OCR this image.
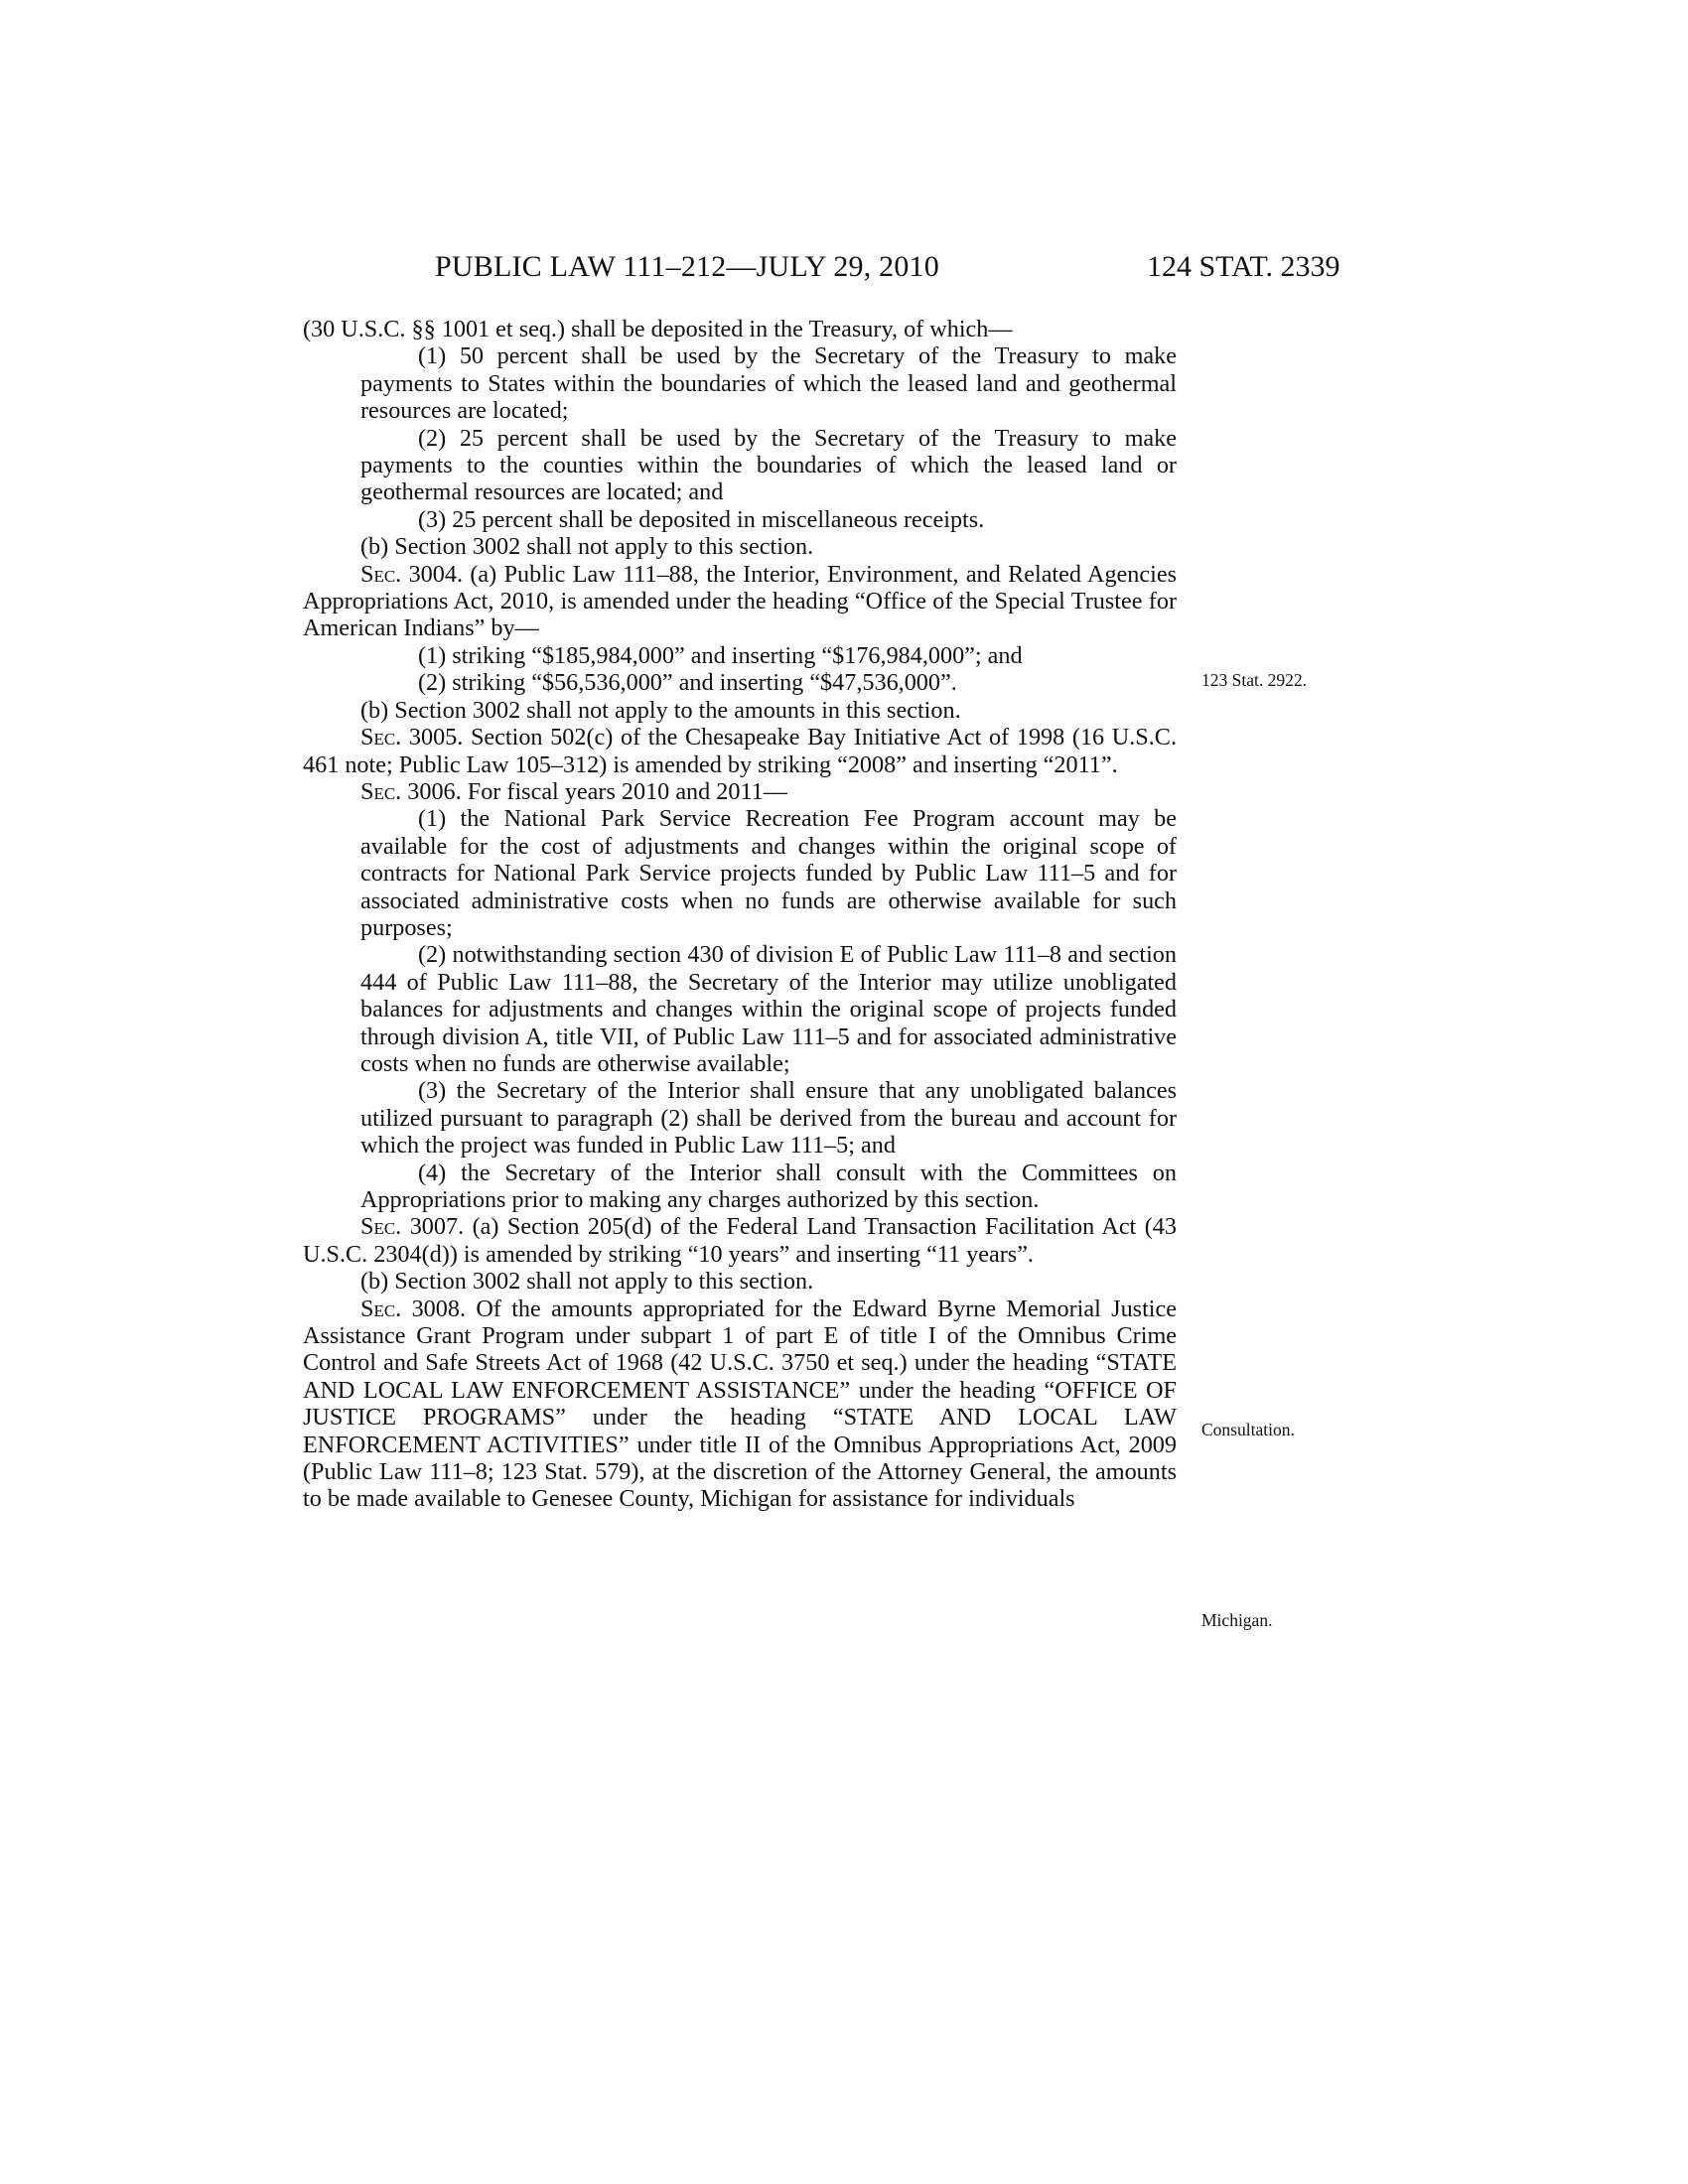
PUBLIC LAW 111–212—JULY 29, 2010	124 STAT. 2339
123 Stat. 2922.
Consultation.
Michigan.

(30 U.S.C. §§ 1001 et seq.) shall be deposited in the Treasury, of which—

(1) 50 percent shall be used by the Secretary of the Treasury to make payments to States within the boundaries of which the leased land and geothermal resources are located;

(2) 25 percent shall be used by the Secretary of the Treasury to make payments to the counties within the boundaries of which the leased land or geothermal resources are located; and

(3) 25 percent shall be deposited in miscellaneous receipts.

(b) Section 3002 shall not apply to this section.

Sec. 3004. (a) Public Law 111–88, the Interior, Environment, and Related Agencies Appropriations Act, 2010, is amended under the heading “Office of the Special Trustee for American Indians” by—

(1) striking “$185,984,000” and inserting “$176,984,000”; and

(2) striking “$56,536,000” and inserting “$47,536,000”.

(b) Section 3002 shall not apply to the amounts in this section.

Sec. 3005. Section 502(c) of the Chesapeake Bay Initiative Act of 1998 (16 U.S.C. 461 note; Public Law 105–312) is amended by striking “2008” and inserting “2011”.

Sec. 3006. For fiscal years 2010 and 2011—

(1) the National Park Service Recreation Fee Program account may be available for the cost of adjustments and changes within the original scope of contracts for National Park Service projects funded by Public Law 111–5 and for associated administrative costs when no funds are otherwise available for such purposes;

(2) notwithstanding section 430 of division E of Public Law 111–8 and section 444 of Public Law 111–88, the Secretary of the Interior may utilize unobligated balances for adjustments and changes within the original scope of projects funded through division A, title VII, of Public Law 111–5 and for associated administrative costs when no funds are otherwise available;

(3) the Secretary of the Interior shall ensure that any unobligated balances utilized pursuant to paragraph (2) shall be derived from the bureau and account for which the project was funded in Public Law 111–5; and

(4) the Secretary of the Interior shall consult with the Committees on Appropriations prior to making any charges authorized by this section.

Sec. 3007. (a) Section 205(d) of the Federal Land Transaction Facilitation Act (43 U.S.C. 2304(d)) is amended by striking “10 years” and inserting “11 years”.

(b) Section 3002 shall not apply to this section.

Sec. 3008. Of the amounts appropriated for the Edward Byrne Memorial Justice Assistance Grant Program under subpart 1 of part E of title I of the Omnibus Crime Control and Safe Streets Act of 1968 (42 U.S.C. 3750 et seq.) under the heading “STATE AND LOCAL LAW ENFORCEMENT ASSISTANCE” under the heading “OFFICE OF JUSTICE PROGRAMS” under the heading “STATE AND LOCAL LAW ENFORCEMENT ACTIVITIES” under title II of the Omnibus Appropriations Act, 2009 (Public Law 111–8; 123 Stat. 579), at the discretion of the Attorney General, the amounts to be made available to Genesee County, Michigan for assistance for individuals
